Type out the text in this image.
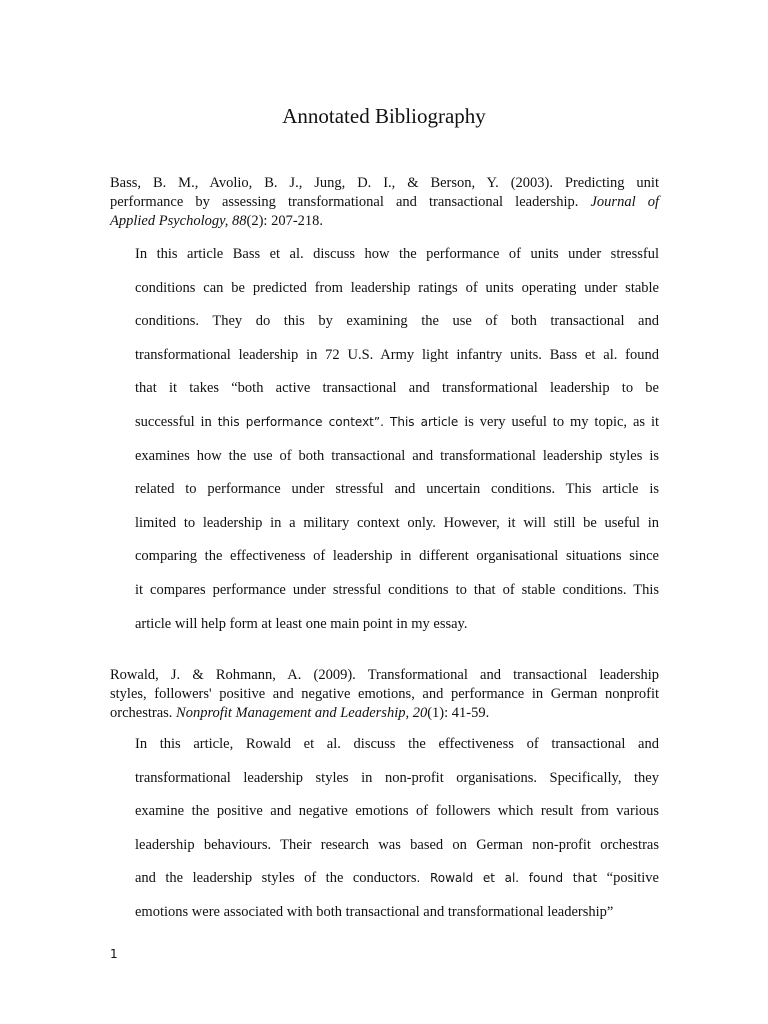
Annotated Bibliography
Bass, B. M., Avolio, B. J., Jung, D. I., & Berson, Y. (2003). Predicting unit
performance by assessing transformational and transactional leadership. Journal of
Applied Psychology, 88(2): 207-218.
In this article Bass et al. discuss how the performance of units under stressful
conditions can be predicted from leadership ratings of units operating under stable
conditions. They do this by examining the use of both transactional and
transformational leadership in 72 U.S. Army light infantry units. Bass et al. found
that it takes “both active transactional and transformational leadership to be
successful in this performance context”. This article is very useful to my topic, as it
examines how the use of both transactional and transformational leadership styles is
related to performance under stressful and uncertain conditions. This article is
limited to leadership in a military context only. However, it will still be useful in
comparing the effectiveness of leadership in different organisational situations since
it compares performance under stressful conditions to that of stable conditions. This
article will help form at least one main point in my essay.
Rowald, J. & Rohmann, A. (2009). Transformational and transactional leadership
styles, followers' positive and negative emotions, and performance in German nonprofit
orchestras. Nonprofit Management and Leadership, 20(1): 41-59.
In this article, Rowald et al. discuss the effectiveness of transactional and
transformational leadership styles in non-profit organisations. Specifically, they
examine the positive and negative emotions of followers which result from various
leadership behaviours. Their research was based on German non-profit orchestras
and the leadership styles of the conductors. Rowald et al. found that “positive
emotions were associated with both transactional and transformational leadership”
1
